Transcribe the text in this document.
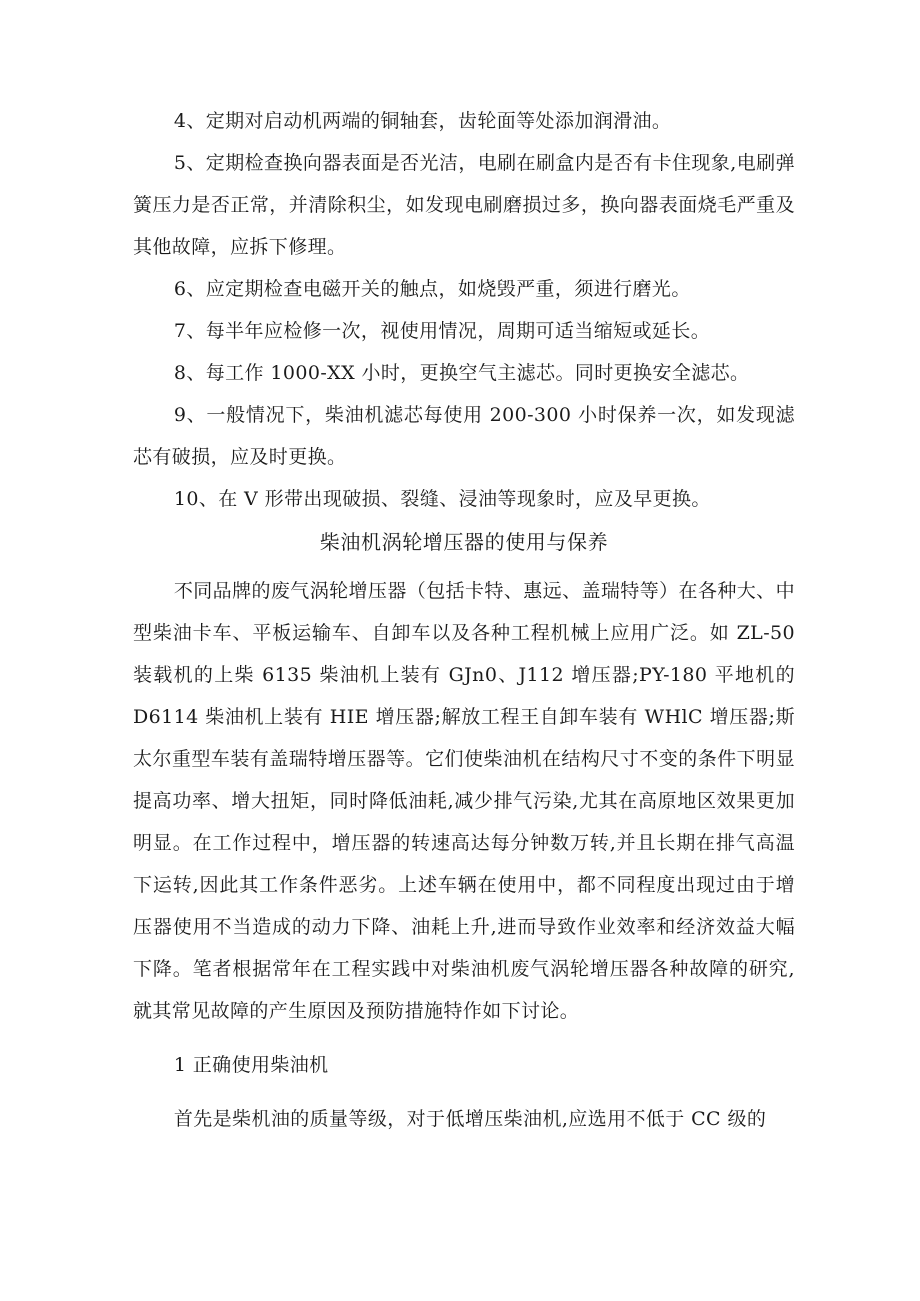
4、定期对启动机两端的铜轴套，齿轮面等处添加润滑油。

5、定期检查换向器表面是否光洁，电刷在刷盒内是否有卡住现象,电刷弹簧压力是否正常，并清除积尘，如发现电刷磨损过多，换向器表面烧毛严重及其他故障，应拆下修理。

6、应定期检查电磁开关的触点，如烧毁严重，须进行磨光。

7、每半年应检修一次，视使用情况，周期可适当缩短或延长。

8、每工作 1000-XX 小时，更换空气主滤芯。同时更换安全滤芯。

9、一般情况下，柴油机滤芯每使用 200-300 小时保养一次，如发现滤芯有破损，应及时更换。

10、在 V 形带出现破损、裂缝、浸油等现象时，应及早更换。

柴油机涡轮增压器的使用与保养

不同品牌的废气涡轮增压器（包括卡特、惠远、盖瑞特等）在各种大、中型柴油卡车、平板运输车、自卸车以及各种工程机械上应用广泛。如 ZL-50 装载机的上柴 6135 柴油机上装有 GJn0、J112 增压器;PY-180 平地机的 D6114 柴油机上装有 HIE 增压器;解放工程王自卸车装有 WHlC 增压器;斯太尔重型车装有盖瑞特增压器等。它们使柴油机在结构尺寸不变的条件下明显提高功率、增大扭矩，同时降低油耗,减少排气污染,尤其在高原地区效果更加明显。在工作过程中，增压器的转速高达每分钟数万转,并且长期在排气高温下运转,因此其工作条件恶劣。上述车辆在使用中，都不同程度出现过由于增压器使用不当造成的动力下降、油耗上升,进而导致作业效率和经济效益大幅下降。笔者根据常年在工程实践中对柴油机废气涡轮增压器各种故障的研究,就其常见故障的产生原因及预防措施特作如下讨论。

1 正确使用柴油机

首先是柴机油的质量等级，对于低增压柴油机,应选用不低于 CC 级的
